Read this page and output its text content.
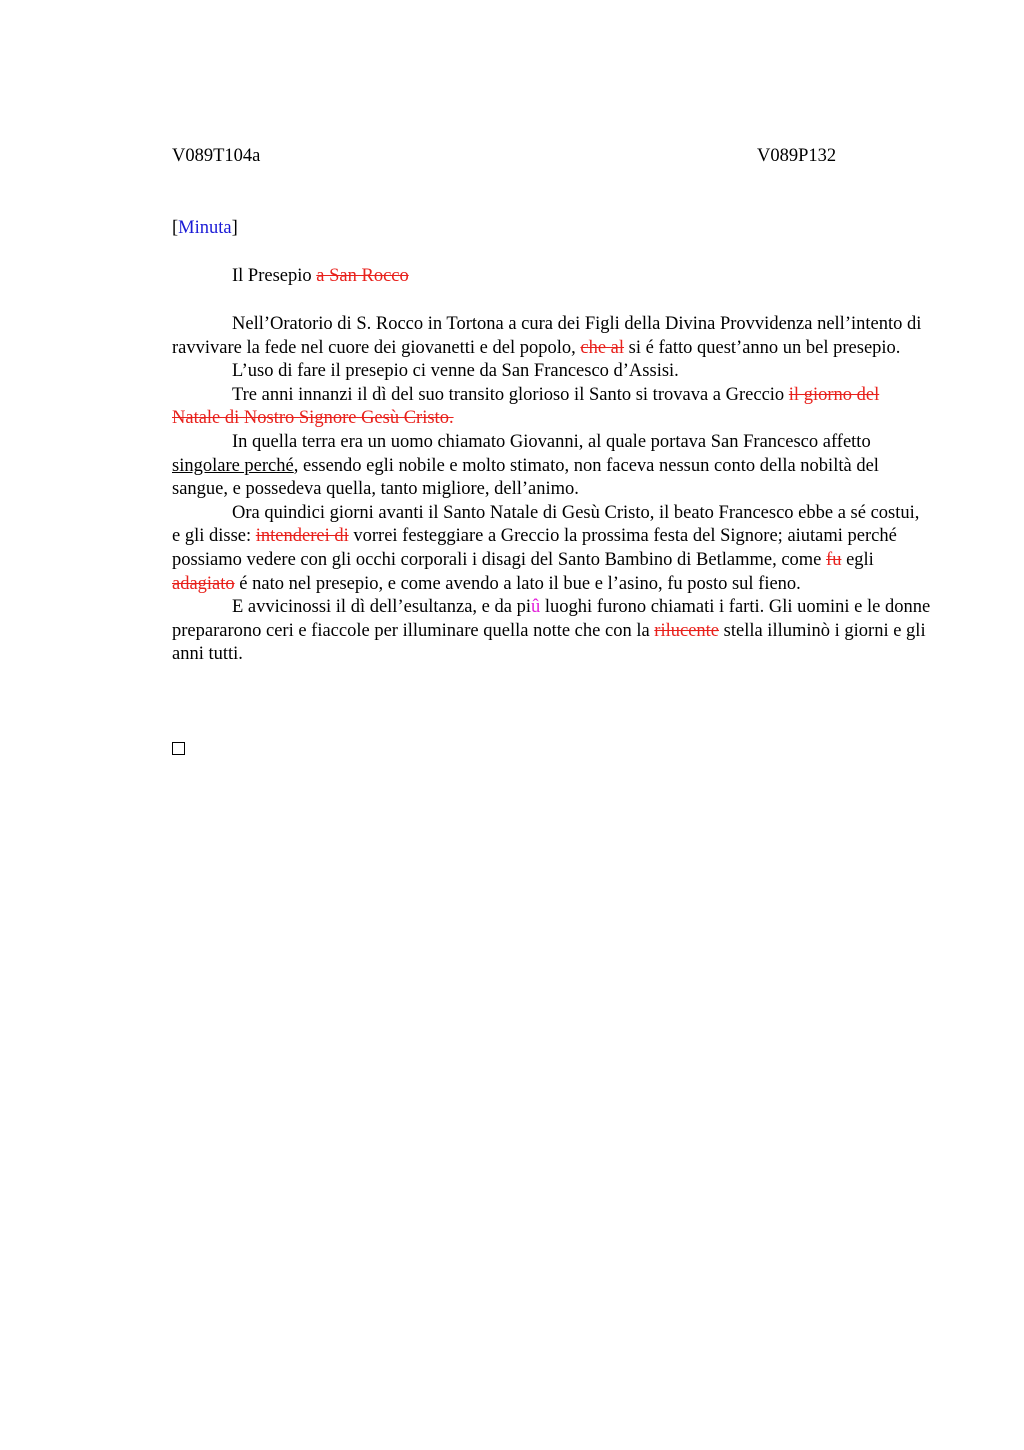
V089T104a	V089P132
[Minuta]
Il Presepio a San Rocco

Nell’Oratorio di S. Rocco in Tortona a cura dei Figli della Divina Provvidenza nell’intento di ravvivare la fede nel cuore dei giovanetti e del popolo, che al si é fatto quest’anno un bel presepio.

L’uso di fare il presepio ci venne da San Francesco d’Assisi.

Tre anni innanzi il dì del suo transito glorioso il Santo si trovava a Greccio il giorno del Natale di Nostro Signore Gesù Cristo.

In quella terra era un uomo chiamato Giovanni, al quale portava San Francesco affetto singolare perché, essendo egli nobile e molto stimato, non faceva nessun conto della nobiltà del sangue, e possedeva quella, tanto migliore, dell’animo.

Ora quindici giorni avanti il Santo Natale di Gesù Cristo, il beato Francesco ebbe a sé costui, e gli disse: intenderei di vorrei festeggiare a Greccio la prossima festa del Signore; aiutami perché possiamo vedere con gli occhi corporali i disagi del Santo Bambino di Betlamme, come fu egli adagiato é nato nel presepio, e come avendo a lato il bue e l’asino, fu posto sul fieno.

E avvicinossi il dì dell’esultanza, e da piû luoghi furono chiamati i farti. Gli uomini e le donne prepararono ceri e fiaccole per illuminare quella notte che con la rilucente stella illuminò i giorni e gli anni tutti.
